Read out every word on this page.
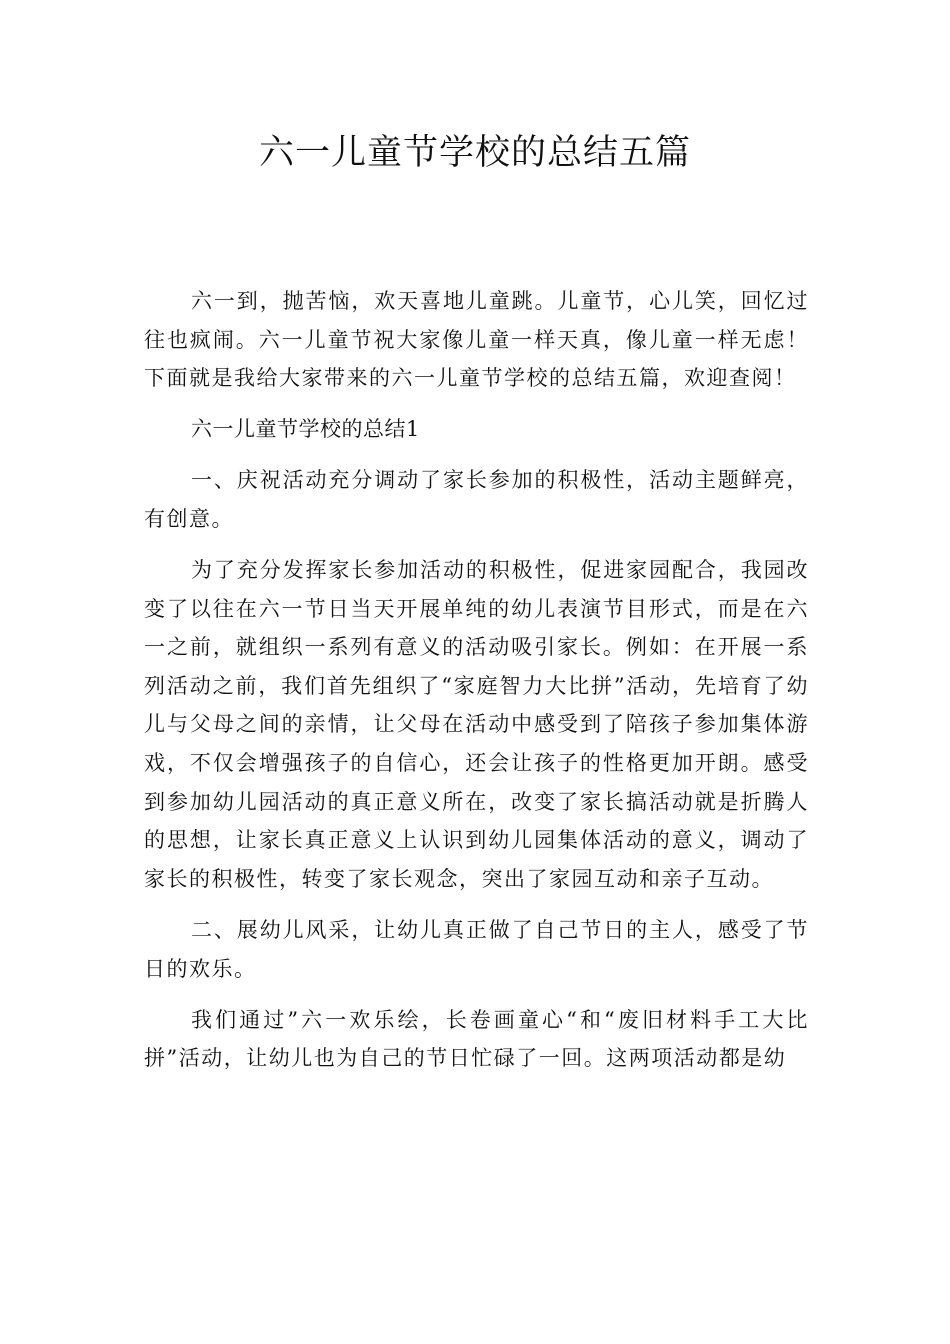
六一儿童节学校的总结五篇

六一到，抛苦恼，欢天喜地儿童跳。儿童节，心儿笑，回忆过往也疯闹。六一儿童节祝大家像儿童一样天真，像儿童一样无虑！下面就是我给大家带来的六一儿童节学校的总结五篇，欢迎查阅！

六一儿童节学校的总结1

一、庆祝活动充分调动了家长参加的积极性，活动主题鲜亮，有创意。

为了充分发挥家长参加活动的积极性，促进家园配合，我园改变了以往在六一节日当天开展单纯的幼儿表演节目形式，而是在六一之前，就组织一系列有意义的活动吸引家长。例如：在开展一系列活动之前，我们首先组织了“家庭智力大比拼”活动，先培育了幼儿与父母之间的亲情，让父母在活动中感受到了陪孩子参加集体游戏，不仅会增强孩子的自信心，还会让孩子的性格更加开朗。感受到参加幼儿园活动的真正意义所在，改变了家长搞活动就是折腾人的思想，让家长真正意义上认识到幼儿园集体活动的意义，调动了家长的积极性，转变了家长观念，突出了家园互动和亲子互动。

二、展幼儿风采，让幼儿真正做了自己节日的主人，感受了节日的欢乐。

我们通过”六一欢乐绘，长卷画童心“和“废旧材料手工大比拼”活动，让幼儿也为自己的节日忙碌了一回。这两项活动都是幼
